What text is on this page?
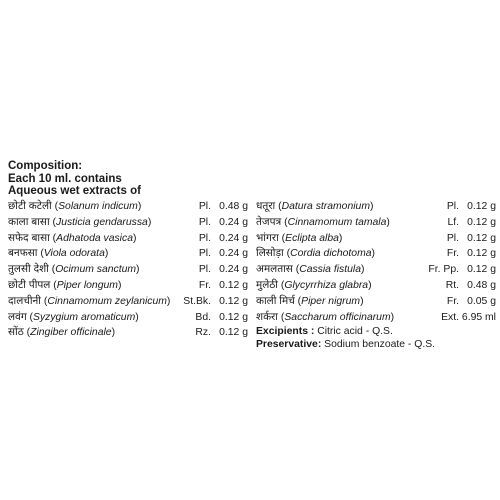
Composition:
Each 10 ml. contains
Aqueous wet extracts of
छोटी कटेली (Solanum indicum)	Pl. 0.48 g
काला बासा (Justicia gendarussa)	Pl. 0.24 g
सफेद बासा (Adhatoda vasica)	Pl. 0.24 g
बनफसा (Viola odorata)	Pl. 0.24 g
तुलसी देशी (Ocimum sanctum)	Pl. 0.24 g
छोटी पीपल (Piper longum)	Fr. 0.12 g
दालचीनी (Cinnamomum zeylanicum) St.Bk. 0.12 g
लवंग (Syzygium aromaticum)	Bd. 0.12 g
सोंठ (Zingiber officinale)	Rz. 0.12 g
धतूरा (Datura stramonium)	Pl. 0.12 g
तेजपत्र (Cinnamomum tamala)	Lf. 0.12 g
भांगरा (Eclipta alba)	Pl. 0.12 g
लिसोड़ा (Cordia dichotoma)	Fr. 0.12 g
अमलतास (Cassia fistula)	Fr. Pp. 0.12 g
मुलेठी (Glycyrrhiza glabra)	Rt. 0.48 g
काली मिर्च (Piper nigrum)	Fr. 0.05 g
शर्करा (Saccharum officinarum)	Ext. 6.95 ml
Excipients : Citric acid - Q.S.
Preservative: Sodium benzoate - Q.S.
